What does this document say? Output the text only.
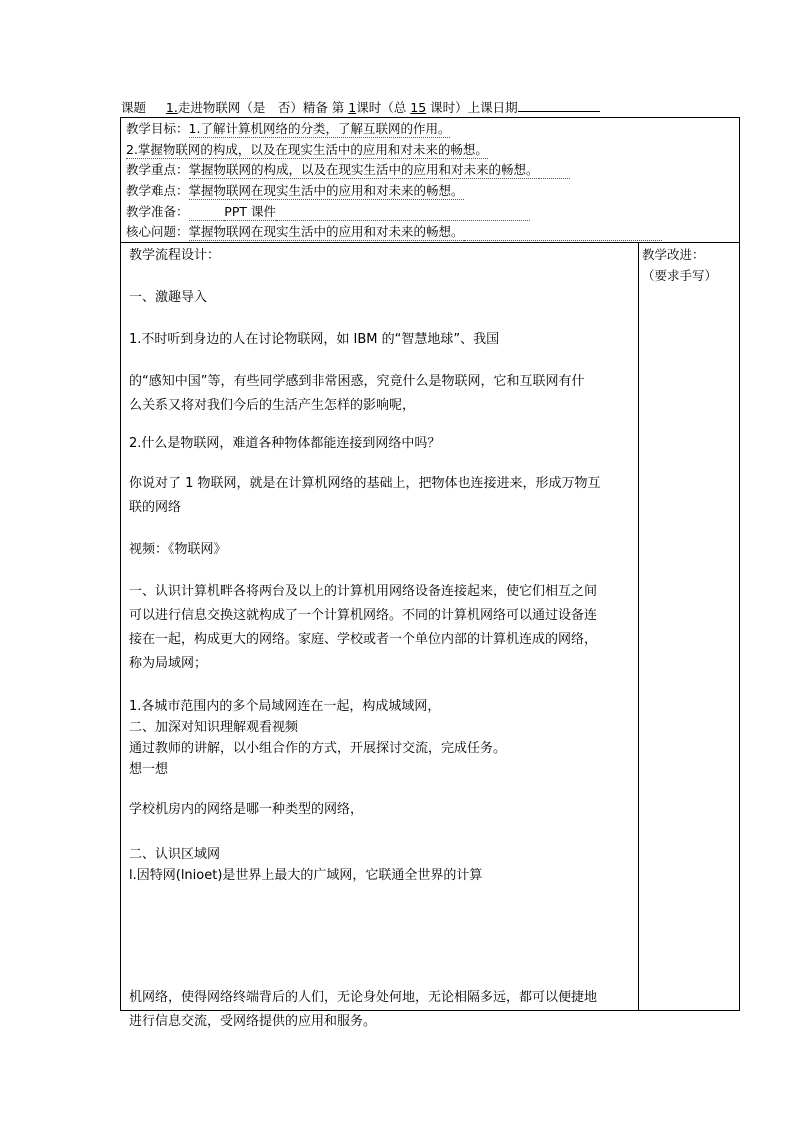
课题 1.走进物联网（是　否）精备 第 1课时（总 15 课时）上课日期
教学目标：1.了解计算机网络的分类，了解互联网的作用。
2.掌握物联网的构成，以及在现实生活中的应用和对未来的畅想。
教学重点：掌握物联网的构成，以及在现实生活中的应用和对未来的畅想。
教学难点：掌握物联网在现实生活中的应用和对未来的畅想。
教学准备：	PPT 课件
核心问题：掌握物联网在现实生活中的应用和对未来的畅想。
教学流程设计：
一、激趣导入
1.不时听到身边的人在讨论物联网，如 IBM 的“智慧地球”、我国
的“感知中国”等，有些同学感到非常困惑，究竟什么是物联网，它和互联网有什
么关系又将对我们今后的生活产生怎样的影响呢，
2.什么是物联网，难道各种物体都能连接到网络中吗？
你说对了 1 物联网，就是在计算机网络的基础上，把物体也连接进来，形成万物互
联的网络
视频：《物联网》
一、认识计算机畔各将两台及以上的计算机用网络设备连接起来，使它们相互之间
可以进行信息交换这就构成了一个计算机网络。不同的计算机网络可以通过设备连
接在一起，构成更大的网络。家庭、学校或者一个单位内部的计算机连成的网络，
称为局域网；
1.各城市范围内的多个局域网连在一起，构成城域网，
二、加深对知识理解观看视频
通过教师的讲解，以小组合作的方式，开展探讨交流，完成任务。
想一想
学校机房内的网络是哪一种类型的网络，
二、认识区域网
l.因特网(lnioet)是世界上最大的广域网，它联通全世界的计算
机网络，使得网络终端背后的人们，无论身处何地，无论相隔多远，都可以便捷地
进行信息交流，受网络提供的应用和服务。
教学改进：
（要求手写）
